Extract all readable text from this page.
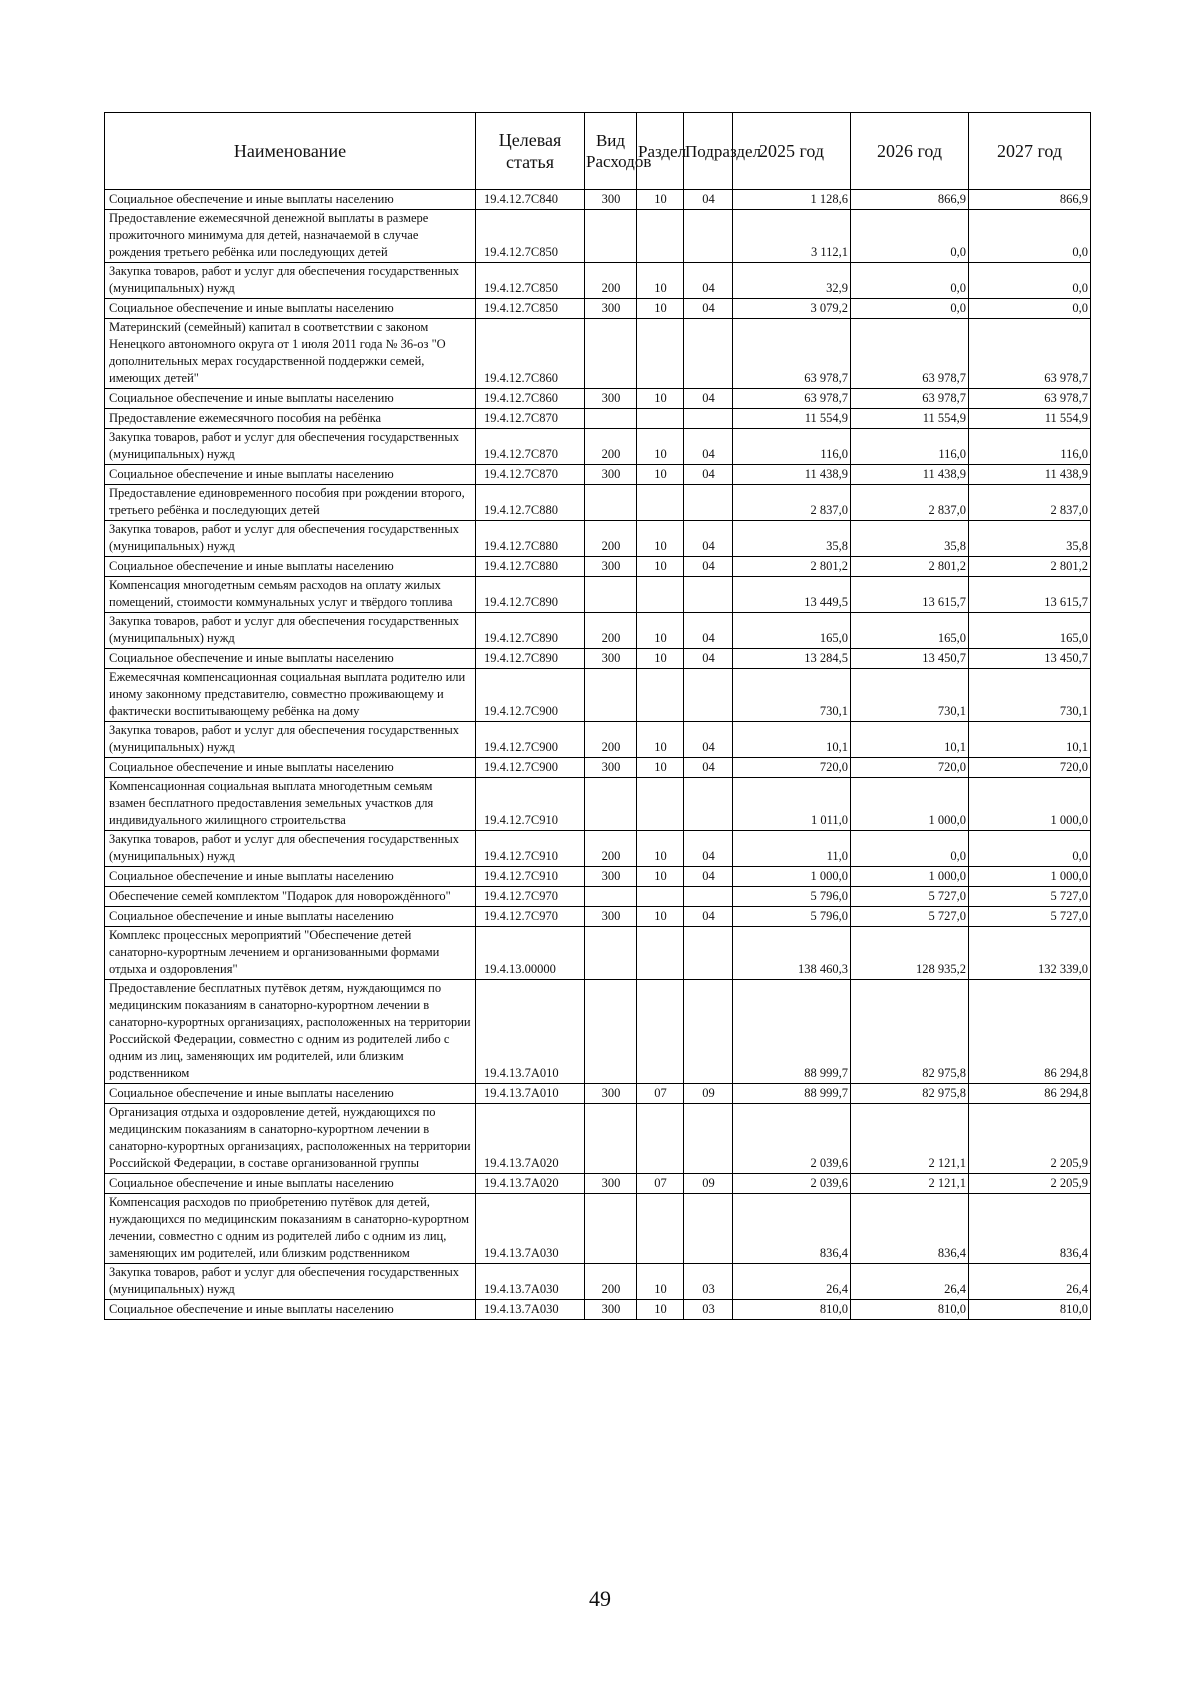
Наименование	Целевая статья	Вид Расходов	Раздел	Подраздел	2025 год	2026 год	2027 год
Социальное обеспечение и иные выплаты населению	19.4.12.7С840	300	10	04	1 128,6	866,9	866,9
Предоставление ежемесячной денежной выплаты в размере прожиточного минимума для детей, назначаемой в случае рождения третьего ребёнка или последующих детей	19.4.12.7С850				3 112,1	0,0	0,0
Закупка товаров, работ и услуг для обеспечения государственных (муниципальных) нужд	19.4.12.7С850	200	10	04	32,9	0,0	0,0
Социальное обеспечение и иные выплаты населению	19.4.12.7С850	300	10	04	3 079,2	0,0	0,0
Материнский (семейный) капитал в соответствии с законом Ненецкого автономного округа от 1 июля 2011 года № 36-оз "О дополнительных мерах государственной поддержки семей, имеющих детей"	19.4.12.7С860				63 978,7	63 978,7	63 978,7
Социальное обеспечение и иные выплаты населению	19.4.12.7С860	300	10	04	63 978,7	63 978,7	63 978,7
Предоставление ежемесячного пособия на ребёнка	19.4.12.7С870				11 554,9	11 554,9	11 554,9
Закупка товаров, работ и услуг для обеспечения государственных (муниципальных) нужд	19.4.12.7С870	200	10	04	116,0	116,0	116,0
Социальное обеспечение и иные выплаты населению	19.4.12.7С870	300	10	04	11 438,9	11 438,9	11 438,9
Предоставление единовременного пособия при рождении второго, третьего ребёнка и последующих детей	19.4.12.7С880				2 837,0	2 837,0	2 837,0
Закупка товаров, работ и услуг для обеспечения государственных (муниципальных) нужд	19.4.12.7С880	200	10	04	35,8	35,8	35,8
Социальное обеспечение и иные выплаты населению	19.4.12.7С880	300	10	04	2 801,2	2 801,2	2 801,2
Компенсация многодетным семьям расходов на оплату жилых помещений, стоимости коммунальных услуг и твёрдого топлива	19.4.12.7С890				13 449,5	13 615,7	13 615,7
Закупка товаров, работ и услуг для обеспечения государственных (муниципальных) нужд	19.4.12.7С890	200	10	04	165,0	165,0	165,0
Социальное обеспечение и иные выплаты населению	19.4.12.7С890	300	10	04	13 284,5	13 450,7	13 450,7
Ежемесячная компенсационная социальная выплата родителю или иному законному представителю, совместно проживающему и фактически воспитывающему ребёнка на дому	19.4.12.7С900				730,1	730,1	730,1
Закупка товаров, работ и услуг для обеспечения государственных (муниципальных) нужд	19.4.12.7С900	200	10	04	10,1	10,1	10,1
Социальное обеспечение и иные выплаты населению	19.4.12.7С900	300	10	04	720,0	720,0	720,0
Компенсационная социальная выплата многодетным семьям взамен бесплатного предоставления земельных участков для индивидуального жилищного строительства	19.4.12.7С910				1 011,0	1 000,0	1 000,0
Закупка товаров, работ и услуг для обеспечения государственных (муниципальных) нужд	19.4.12.7С910	200	10	04	11,0	0,0	0,0
Социальное обеспечение и иные выплаты населению	19.4.12.7С910	300	10	04	1 000,0	1 000,0	1 000,0
Обеспечение семей комплектом "Подарок для новорождённого"	19.4.12.7С970				5 796,0	5 727,0	5 727,0
Социальное обеспечение и иные выплаты населению	19.4.12.7С970	300	10	04	5 796,0	5 727,0	5 727,0
Комплекс процессных мероприятий "Обеспечение детей санаторно-курортным лечением и организованными формами отдыха и оздоровления"	19.4.13.00000				138 460,3	128 935,2	132 339,0
Предоставление бесплатных путёвок детям, нуждающимся по медицинским показаниям в санаторно-курортном лечении в санаторно-курортных организациях, расположенных на территории Российской Федерации, совместно с одним из родителей либо с одним из лиц, заменяющих им родителей, или близким родственником	19.4.13.7А010				88 999,7	82 975,8	86 294,8
Социальное обеспечение и иные выплаты населению	19.4.13.7А010	300	07	09	88 999,7	82 975,8	86 294,8
Организация отдыха и оздоровление детей, нуждающихся по медицинским показаниям в санаторно-курортном лечении в санаторно-курортных организациях, расположенных на территории Российской Федерации, в составе организованной группы	19.4.13.7А020				2 039,6	2 121,1	2 205,9
Социальное обеспечение и иные выплаты населению	19.4.13.7А020	300	07	09	2 039,6	2 121,1	2 205,9
Компенсация расходов по приобретению путёвок для детей, нуждающихся по медицинским показаниям в санаторно-курортном лечении, совместно с одним из родителей либо с одним из лиц, заменяющих им родителей, или близким родственником	19.4.13.7А030				836,4	836,4	836,4
Закупка товаров, работ и услуг для обеспечения государственных (муниципальных) нужд	19.4.13.7А030	200	10	03	26,4	26,4	26,4
Социальное обеспечение и иные выплаты населению	19.4.13.7А030	300	10	03	810,0	810,0	810,0
49
